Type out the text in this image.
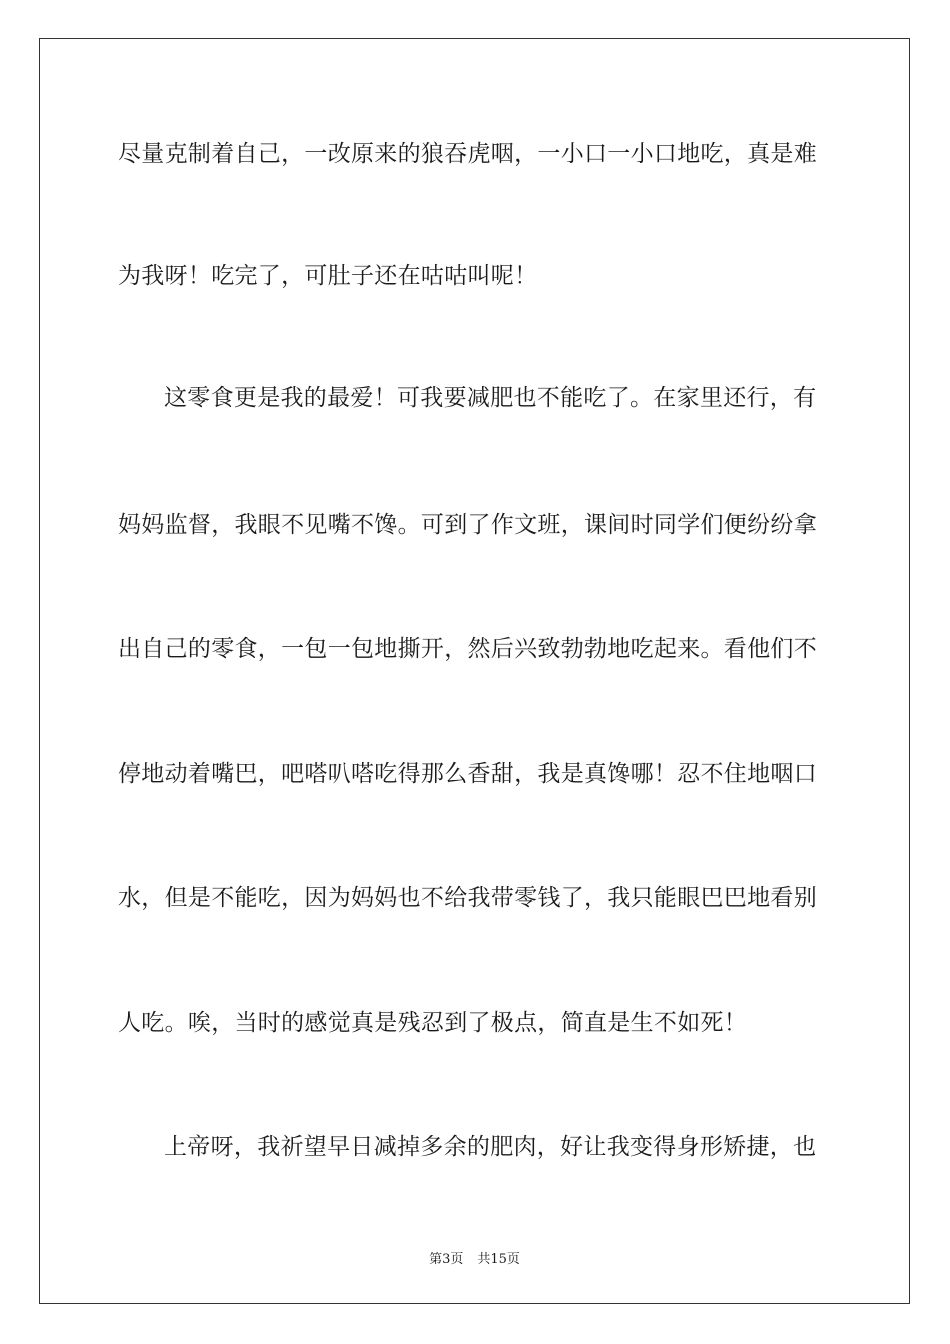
尽量克制着自己，一改原来的狼吞虎咽，一小口一小口地吃，真是难
为我呀！吃完了，可肚子还在咕咕叫呢！
这零食更是我的最爱！可我要减肥也不能吃了。在家里还行，有
妈妈监督，我眼不见嘴不馋。可到了作文班，课间时同学们便纷纷拿
出自己的零食，一包一包地撕开，然后兴致勃勃地吃起来。看他们不
停地动着嘴巴，吧嗒叭嗒吃得那么香甜，我是真馋哪！忍不住地咽口
水，但是不能吃，因为妈妈也不给我带零钱了，我只能眼巴巴地看别
人吃。唉，当时的感觉真是残忍到了极点，简直是生不如死！
上帝呀，我祈望早日减掉多余的肥肉，好让我变得身形矫捷，也
第3页 共15页
